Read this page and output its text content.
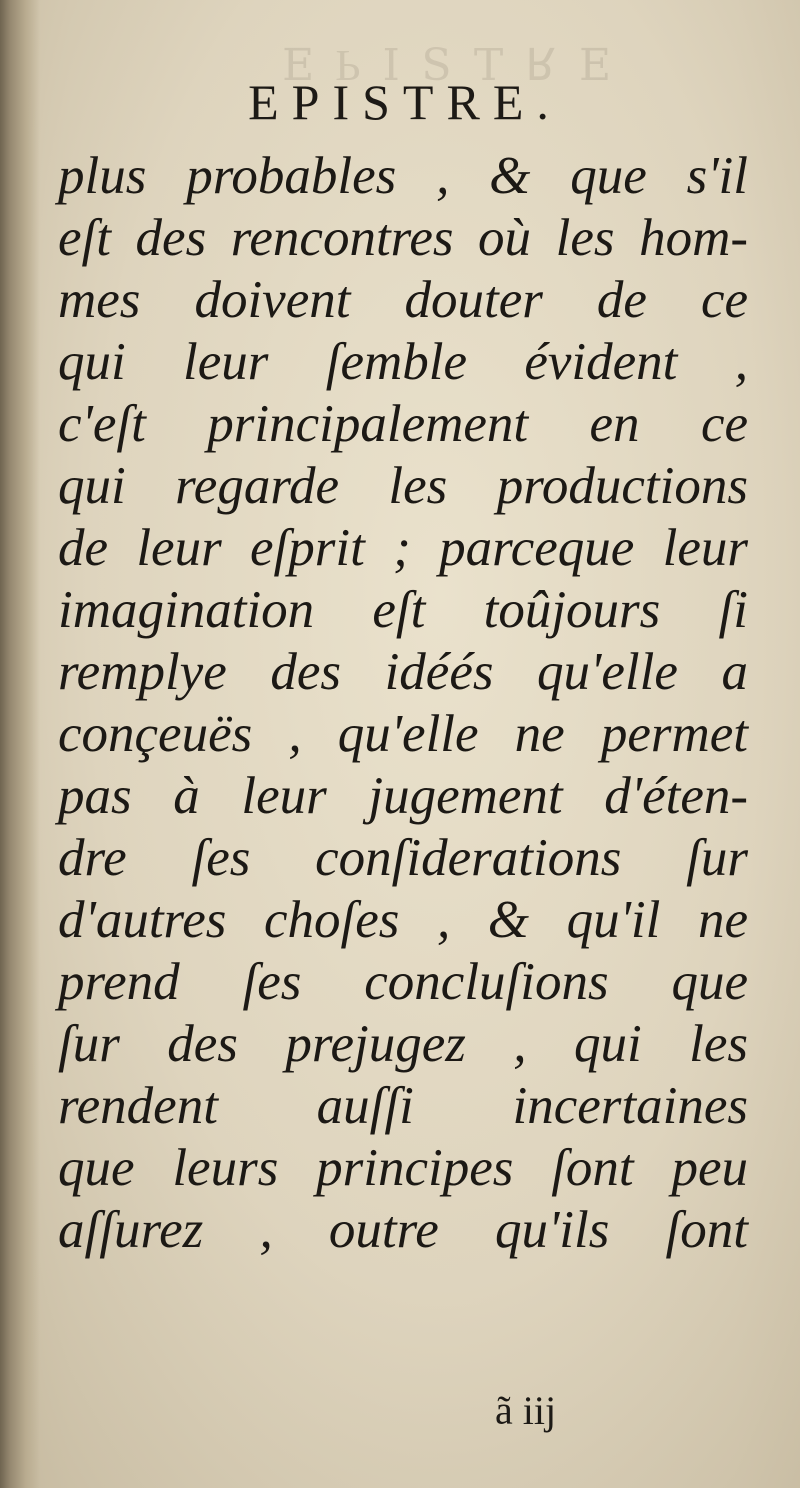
ƎꓤTƧIԀƎ
EPISTRE.
plus probables , & que s'il
eſt des rencontres où les hom-
mes doivent douter de ce
qui leur ſemble évident ,
c'eſt principalement en ce
qui regarde les productions
de leur eſprit ; parceque leur
imagination eſt toûjours ſi
remplye des idéés qu'elle a
conçeuës , qu'elle ne permet
pas à leur jugement d'éten-
dre ſes conſiderations ſur
d'autres choſes , & qu'il ne
prend ſes concluſions que
ſur des prejugez , qui les
rendent auſſi incertaines
que leurs principes ſont peu
aſſurez , outre qu'ils ſont
ã iij
